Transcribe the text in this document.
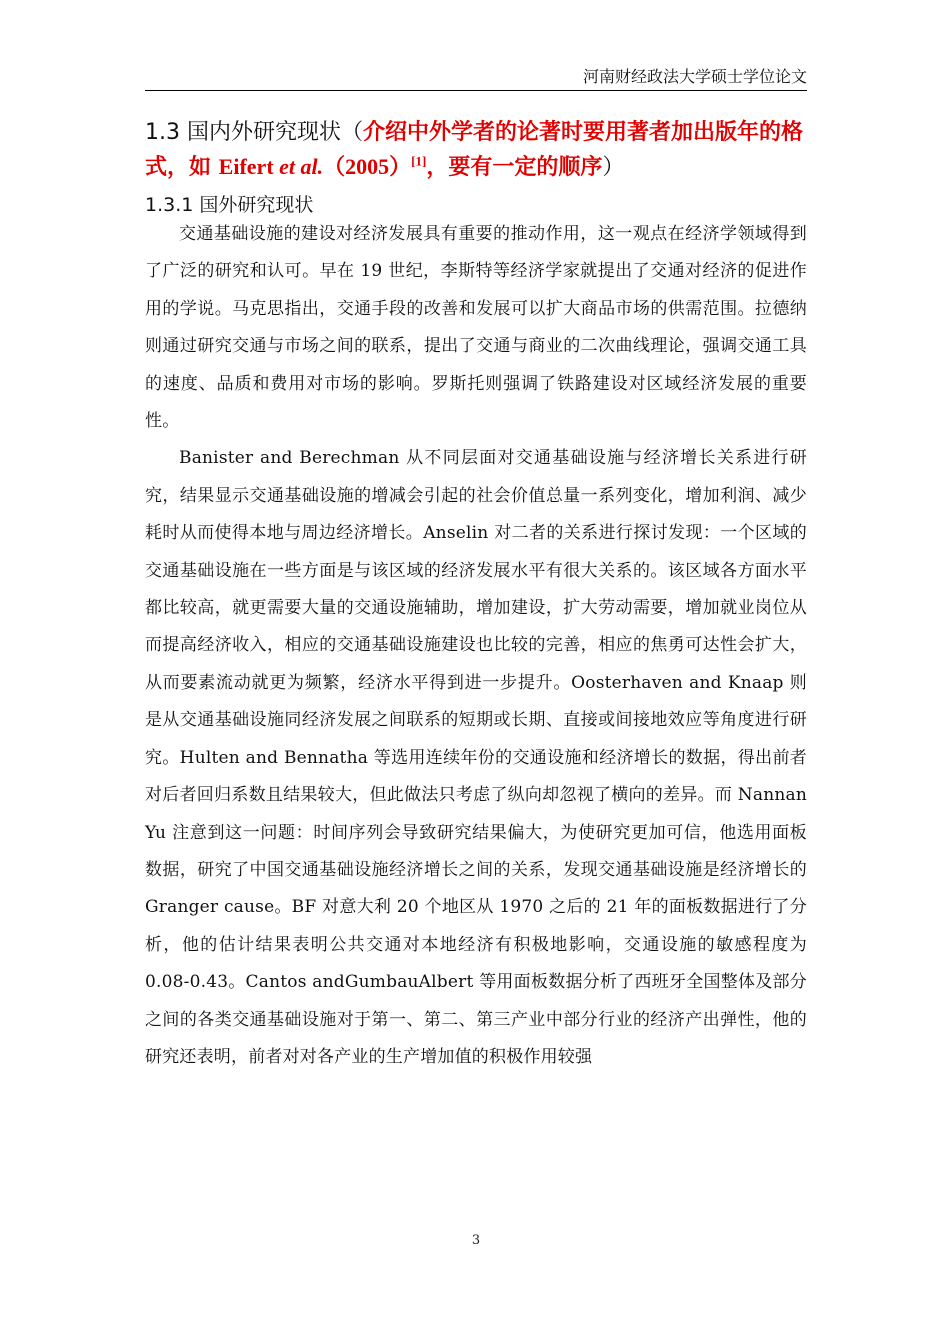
河南财经政法大学硕士学位论文
1.3 国内外研究现状（介绍中外学者的论著时要用著者加出版年的格式，如 Eifert et al.（2005）[1]，要有一定的顺序）
1.3.1 国外研究现状

交通基础设施的建设对经济发展具有重要的推动作用，这一观点在经济学领域得到了广泛的研究和认可。早在 19 世纪，李斯特等经济学家就提出了交通对经济的促进作用的学说。马克思指出，交通手段的改善和发展可以扩大商品市场的供需范围。拉德纳则通过研究交通与市场之间的联系，提出了交通与商业的二次曲线理论，强调交通工具的速度、品质和费用对市场的影响。罗斯托则强调了铁路建设对区域经济发展的重要性。

Banister and Berechman 从不同层面对交通基础设施与经济增长关系进行研究，结果显示交通基础设施的增减会引起的社会价值总量一系列变化，增加利润、减少耗时从而使得本地与周边经济增长。Anselin 对二者的关系进行探讨发现：一个区域的交通基础设施在一些方面是与该区域的经济发展水平有很大关系的。该区域各方面水平都比较高，就更需要大量的交通设施辅助，增加建设，扩大劳动需要，增加就业岗位从而提高经济收入，相应的交通基础设施建设也比较的完善，相应的焦勇可达性会扩大，从而要素流动就更为频繁，经济水平得到进一步提升。Oosterhaven and Knaap 则是从交通基础设施同经济发展之间联系的短期或长期、直接或间接地效应等角度进行研究。Hulten and Bennatha 等选用连续年份的交通设施和经济增长的数据，得出前者对后者回归系数且结果较大，但此做法只考虑了纵向却忽视了横向的差异。而 Nannan Yu 注意到这一问题：时间序列会导致研究结果偏大，为使研究更加可信，他选用面板数据，研究了中国交通基础设施经济增长之间的关系，发现交通基础设施是经济增长的 Granger cause。BF 对意大利 20 个地区从 1970 之后的 21 年的面板数据进行了分析，他的估计结果表明公共交通对本地经济有积极地影响，交通设施的敏感程度为 0.08-0.43。Cantos andGumbauAlbert 等用面板数据分析了西班牙全国整体及部分之间的各类交通基础设施对于第一、第二、第三产业中部分行业的经济产出弹性，他的研究还表明，前者对对各产业的生产增加值的积极作用较强

3
